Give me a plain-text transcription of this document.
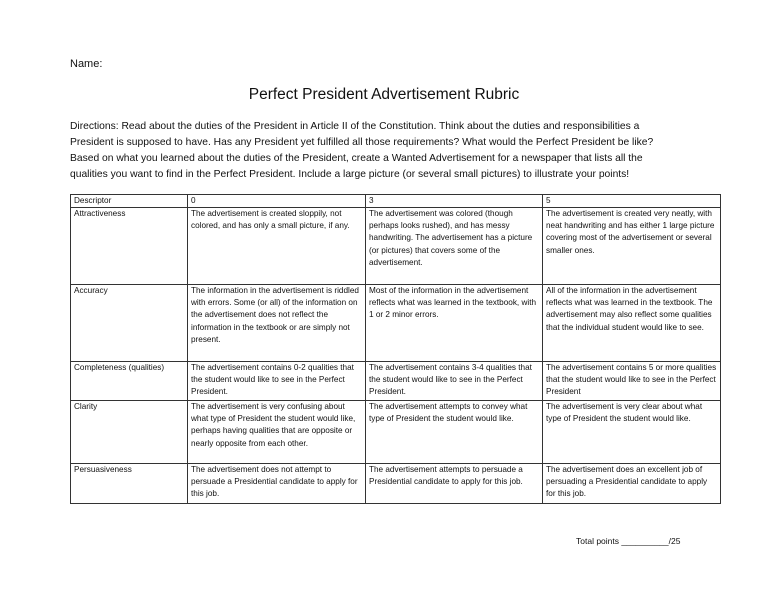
Name:
Perfect President Advertisement Rubric
Directions: Read about the duties of the President in Article II of the Constitution. Think about the duties and responsibilities a
President is supposed to have. Has any President yet fulfilled all those requirements? What would the Perfect President be like?
Based on what you learned about the duties of the President, create a Wanted Advertisement for a newspaper that lists all the
qualities you want to find in the Perfect President. Include a large picture (or several small pictures) to illustrate your points!
Descriptor	0	3	5
Attractiveness	The advertisement is created sloppily, not colored, and has only a small picture, if any.	The advertisement was colored (though perhaps looks rushed), and has messy handwriting. The advertisement has a picture (or pictures) that covers some of the advertisement.	The advertisement is created very neatly, with neat handwriting and has either 1 large picture covering most of the advertisement or several smaller ones.
Accuracy	The information in the advertisement is riddled with errors. Some (or all) of the information on the advertisement does not reflect the information in the textbook or are simply not present.	Most of the information in the advertisement reflects what was learned in the textbook, with 1 or 2 minor errors.	All of the information in the advertisement reflects what was learned in the textbook. The advertisement may also reflect some qualities that the individual student would like to see.
Completeness (qualities)	The advertisement contains 0-2 qualities that the student would like to see in the Perfect President.	The advertisement contains 3-4 qualities that the student would like to see in the Perfect President.	The advertisement contains 5 or more qualities that the student would like to see in the Perfect President
Clarity	The advertisement is very confusing about what type of President the student would like, perhaps having qualities that are opposite or nearly opposite from each other.	The advertisement attempts to convey what type of President the student would like.	The advertisement is very clear about what type of President the student would like.
Persuasiveness	The advertisement does not attempt to persuade a Presidential candidate to apply for this job.	The advertisement attempts to persuade a Presidential candidate to apply for this job.	The advertisement does an excellent job of persuading a Presidential candidate to apply for this job.
Total points __________/25
